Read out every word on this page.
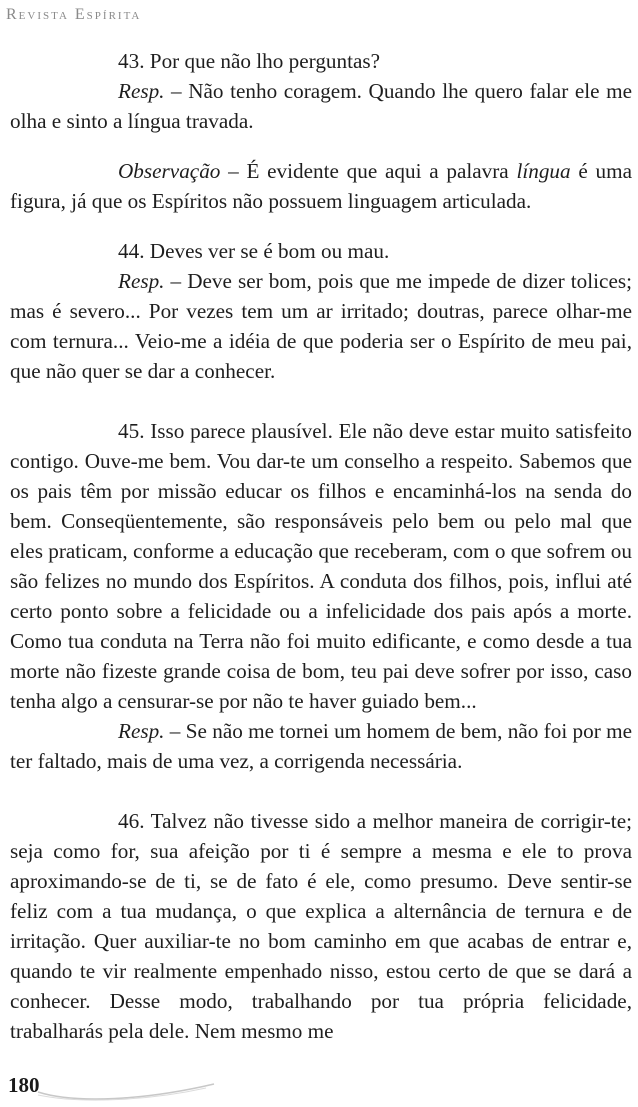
Revista Espírita

43. Por que não lho perguntas?

Resp. – Não tenho coragem. Quando lhe quero falar ele me olha e sinto a língua travada.

Observação – É evidente que aqui a palavra língua é uma figura, já que os Espíritos não possuem linguagem articulada.

44. Deves ver se é bom ou mau.

Resp. – Deve ser bom, pois que me impede de dizer tolices; mas é severo... Por vezes tem um ar irritado; doutras, parece olhar-me com ternura... Veio-me a idéia de que poderia ser o Espírito de meu pai, que não quer se dar a conhecer.

45. Isso parece plausível. Ele não deve estar muito satisfeito contigo. Ouve-me bem. Vou dar-te um conselho a respeito. Sabemos que os pais têm por missão educar os filhos e encaminhá-los na senda do bem. Conseqüentemente, são responsáveis pelo bem ou pelo mal que eles praticam, conforme a educação que receberam, com o que sofrem ou são felizes no mundo dos Espíritos. A conduta dos filhos, pois, influi até certo ponto sobre a felicidade ou a infelicidade dos pais após a morte. Como tua conduta na Terra não foi muito edificante, e como desde a tua morte não fizeste grande coisa de bom, teu pai deve sofrer por isso, caso tenha algo a censurar-se por não te haver guiado bem...

Resp. – Se não me tornei um homem de bem, não foi por me ter faltado, mais de uma vez, a corrigenda necessária.

46. Talvez não tivesse sido a melhor maneira de corrigir-te; seja como for, sua afeição por ti é sempre a mesma e ele to prova aproximando-se de ti, se de fato é ele, como presumo. Deve sentir-se feliz com a tua mudança, o que explica a alternância de ternura e de irritação. Quer auxiliar-te no bom caminho em que acabas de entrar e, quando te vir realmente empenhado nisso, estou certo de que se dará a conhecer. Desse modo, trabalhando por tua própria felicidade, trabalharás pela dele. Nem mesmo me

180
